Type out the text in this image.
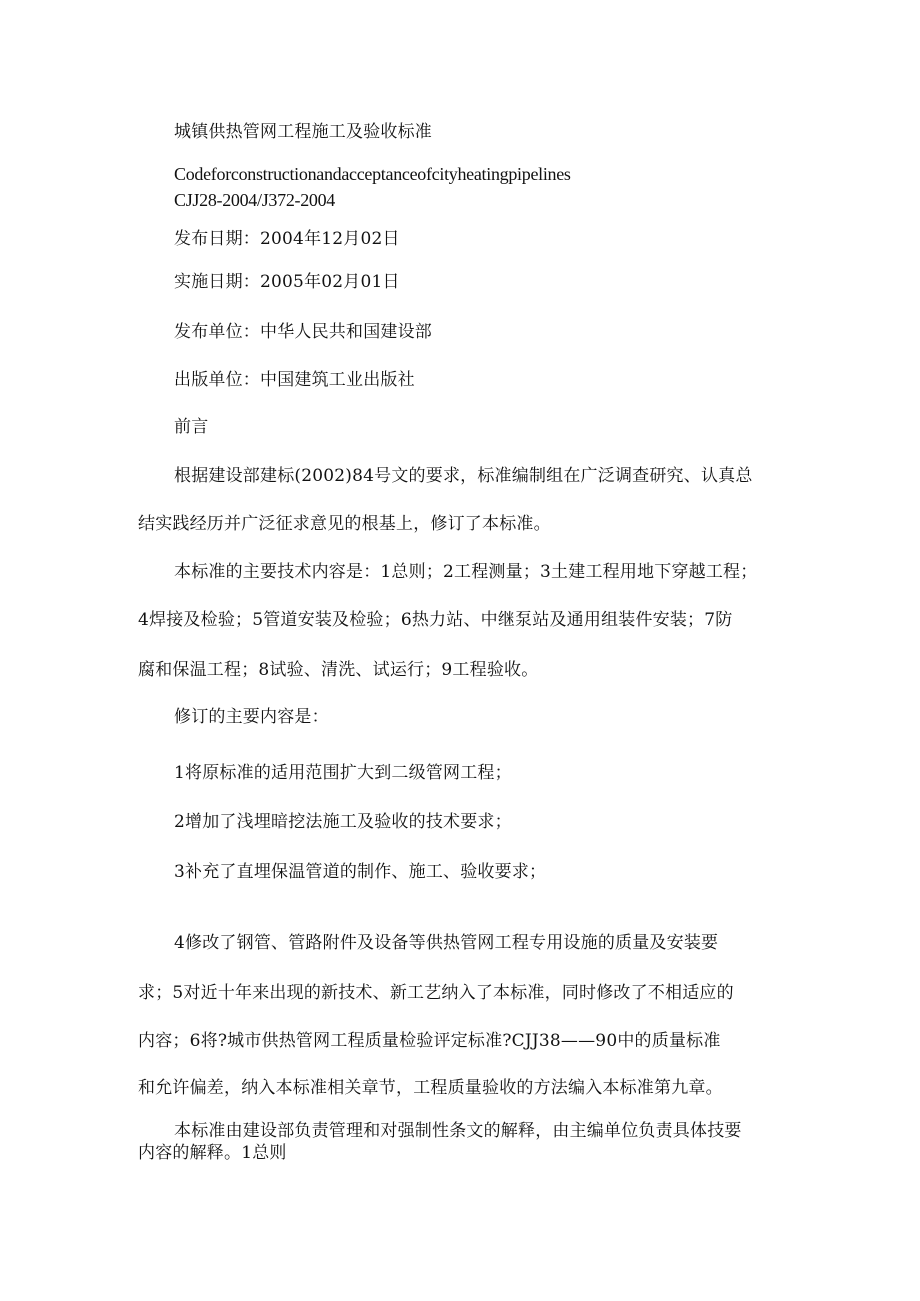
城镇供热管网工程施工及验收标准
Codeforconstructionandacceptanceofcityheatingpipelines
CJJ28-2004/J372-2004
发布日期：2004年12月02日
实施日期：2005年02月01日
发布单位：中华人民共和国建设部
出版单位：中国建筑工业出版社
前言
根据建设部建标(2002)84号文的要求，标准编制组在广泛调查研究、认真总
结实践经历并广泛征求意见的根基上，修订了本标准。
本标准的主要技术内容是：1总则；2工程测量；3土建工程用地下穿越工程；
4焊接及检验；5管道安装及检验；6热力站、中继泵站及通用组装件安装；7防
腐和保温工程；8试验、清洗、试运行；9工程验收。
修订的主要内容是：
1将原标准的适用范围扩大到二级管网工程；
2增加了浅埋暗挖法施工及验收的技术要求；
3补充了直埋保温管道的制作、施工、验收要求；
4修改了钢管、管路附件及设备等供热管网工程专用设施的质量及安装要
求；5对近十年来出现的新技术、新工艺纳入了本标准，同时修改了不相适应的
内容；6将?城市供热管网工程质量检验评定标准?CJJ38——90中的质量标准
和允许偏差，纳入本标准相关章节，工程质量验收的方法编入本标准第九章。
本标准由建设部负责管理和对强制性条文的解释，由主编单位负责具体技要
内容的解释。1总则
